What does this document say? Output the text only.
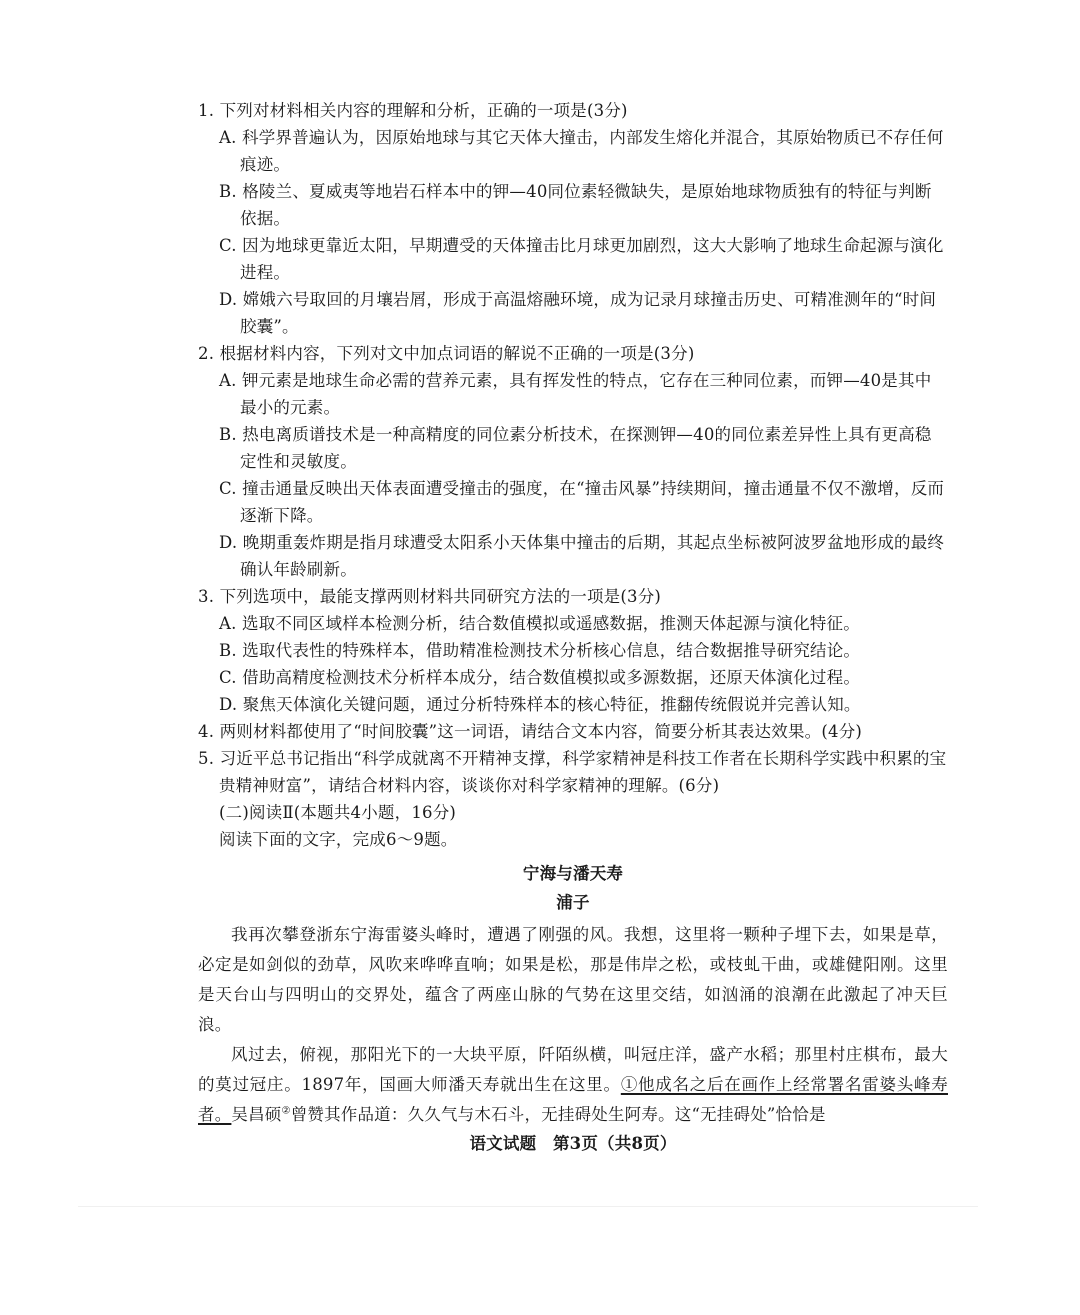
1. 下列对材料相关内容的理解和分析，正确的一项是(3分)

A. 科学界普遍认为，因原始地球与其它天体大撞击，内部发生熔化并混合，其原始物质已不存任何痕迹。

B. 格陵兰、夏威夷等地岩石样本中的钾—40同位素轻微缺失，是原始地球物质独有的特征与判断依据。

C. 因为地球更靠近太阳，早期遭受的天体撞击比月球更加剧烈，这大大影响了地球生命起源与演化进程。

D. 嫦娥六号取回的月壤岩屑，形成于高温熔融环境，成为记录月球撞击历史、可精准测年的“时间胶囊”。

2. 根据材料内容，下列对文中加点词语的解说不正确的一项是(3分)

A. 钾元素是地球生命必需的营养元素，具有挥发性的特点，它存在三种同位素，而钾—40是其中最小的元素。

B. 热电离质谱技术是一种高精度的同位素分析技术，在探测钾—40的同位素差异性上具有更高稳定性和灵敏度。

C. 撞击通量反映出天体表面遭受撞击的强度，在“撞击风暴”持续期间，撞击通量不仅不激增，反而逐渐下降。

D. 晚期重轰炸期是指月球遭受太阳系小天体集中撞击的后期，其起点坐标被阿波罗盆地形成的最终确认年龄刷新。

3. 下列选项中，最能支撑两则材料共同研究方法的一项是(3分)

A. 选取不同区域样本检测分析，结合数值模拟或遥感数据，推测天体起源与演化特征。

B. 选取代表性的特殊样本，借助精准检测技术分析核心信息，结合数据推导研究结论。

C. 借助高精度检测技术分析样本成分，结合数值模拟或多源数据，还原天体演化过程。

D. 聚焦天体演化关键问题，通过分析特殊样本的核心特征，推翻传统假说并完善认知。

4. 两则材料都使用了“时间胶囊”这一词语，请结合文本内容，简要分析其表达效果。(4分)

5. 习近平总书记指出“科学成就离不开精神支撑，科学家精神是科技工作者在长期科学实践中积累的宝贵精神财富”，请结合材料内容，谈谈你对科学家精神的理解。(6分)

(二)阅读Ⅱ(本题共4小题，16分)

阅读下面的文字，完成6～9题。

宁海与潘天寿

浦子

我再次攀登浙东宁海雷婆头峰时，遭遇了刚强的风。我想，这里将一颗种子埋下去，如果是草，必定是如剑似的劲草，风吹来哗哗直响；如果是松，那是伟岸之松，或枝虬干曲，或雄健阳刚。这里是天台山与四明山的交界处，蕴含了两座山脉的气势在这里交结，如汹涌的浪潮在此激起了冲天巨浪。

风过去，俯视，那阳光下的一大块平原，阡陌纵横，叫冠庄洋，盛产水稻；那里村庄棋布，最大的莫过冠庄。1897年，国画大师潘天寿就出生在这里。①他成名之后在画作上经常署名雷婆头峰寿者。吴昌硕②曾赞其作品道：久久气与木石斗，无挂碍处生阿寿。这“无挂碍处”恰恰是

语文试题　第3页（共8页）
